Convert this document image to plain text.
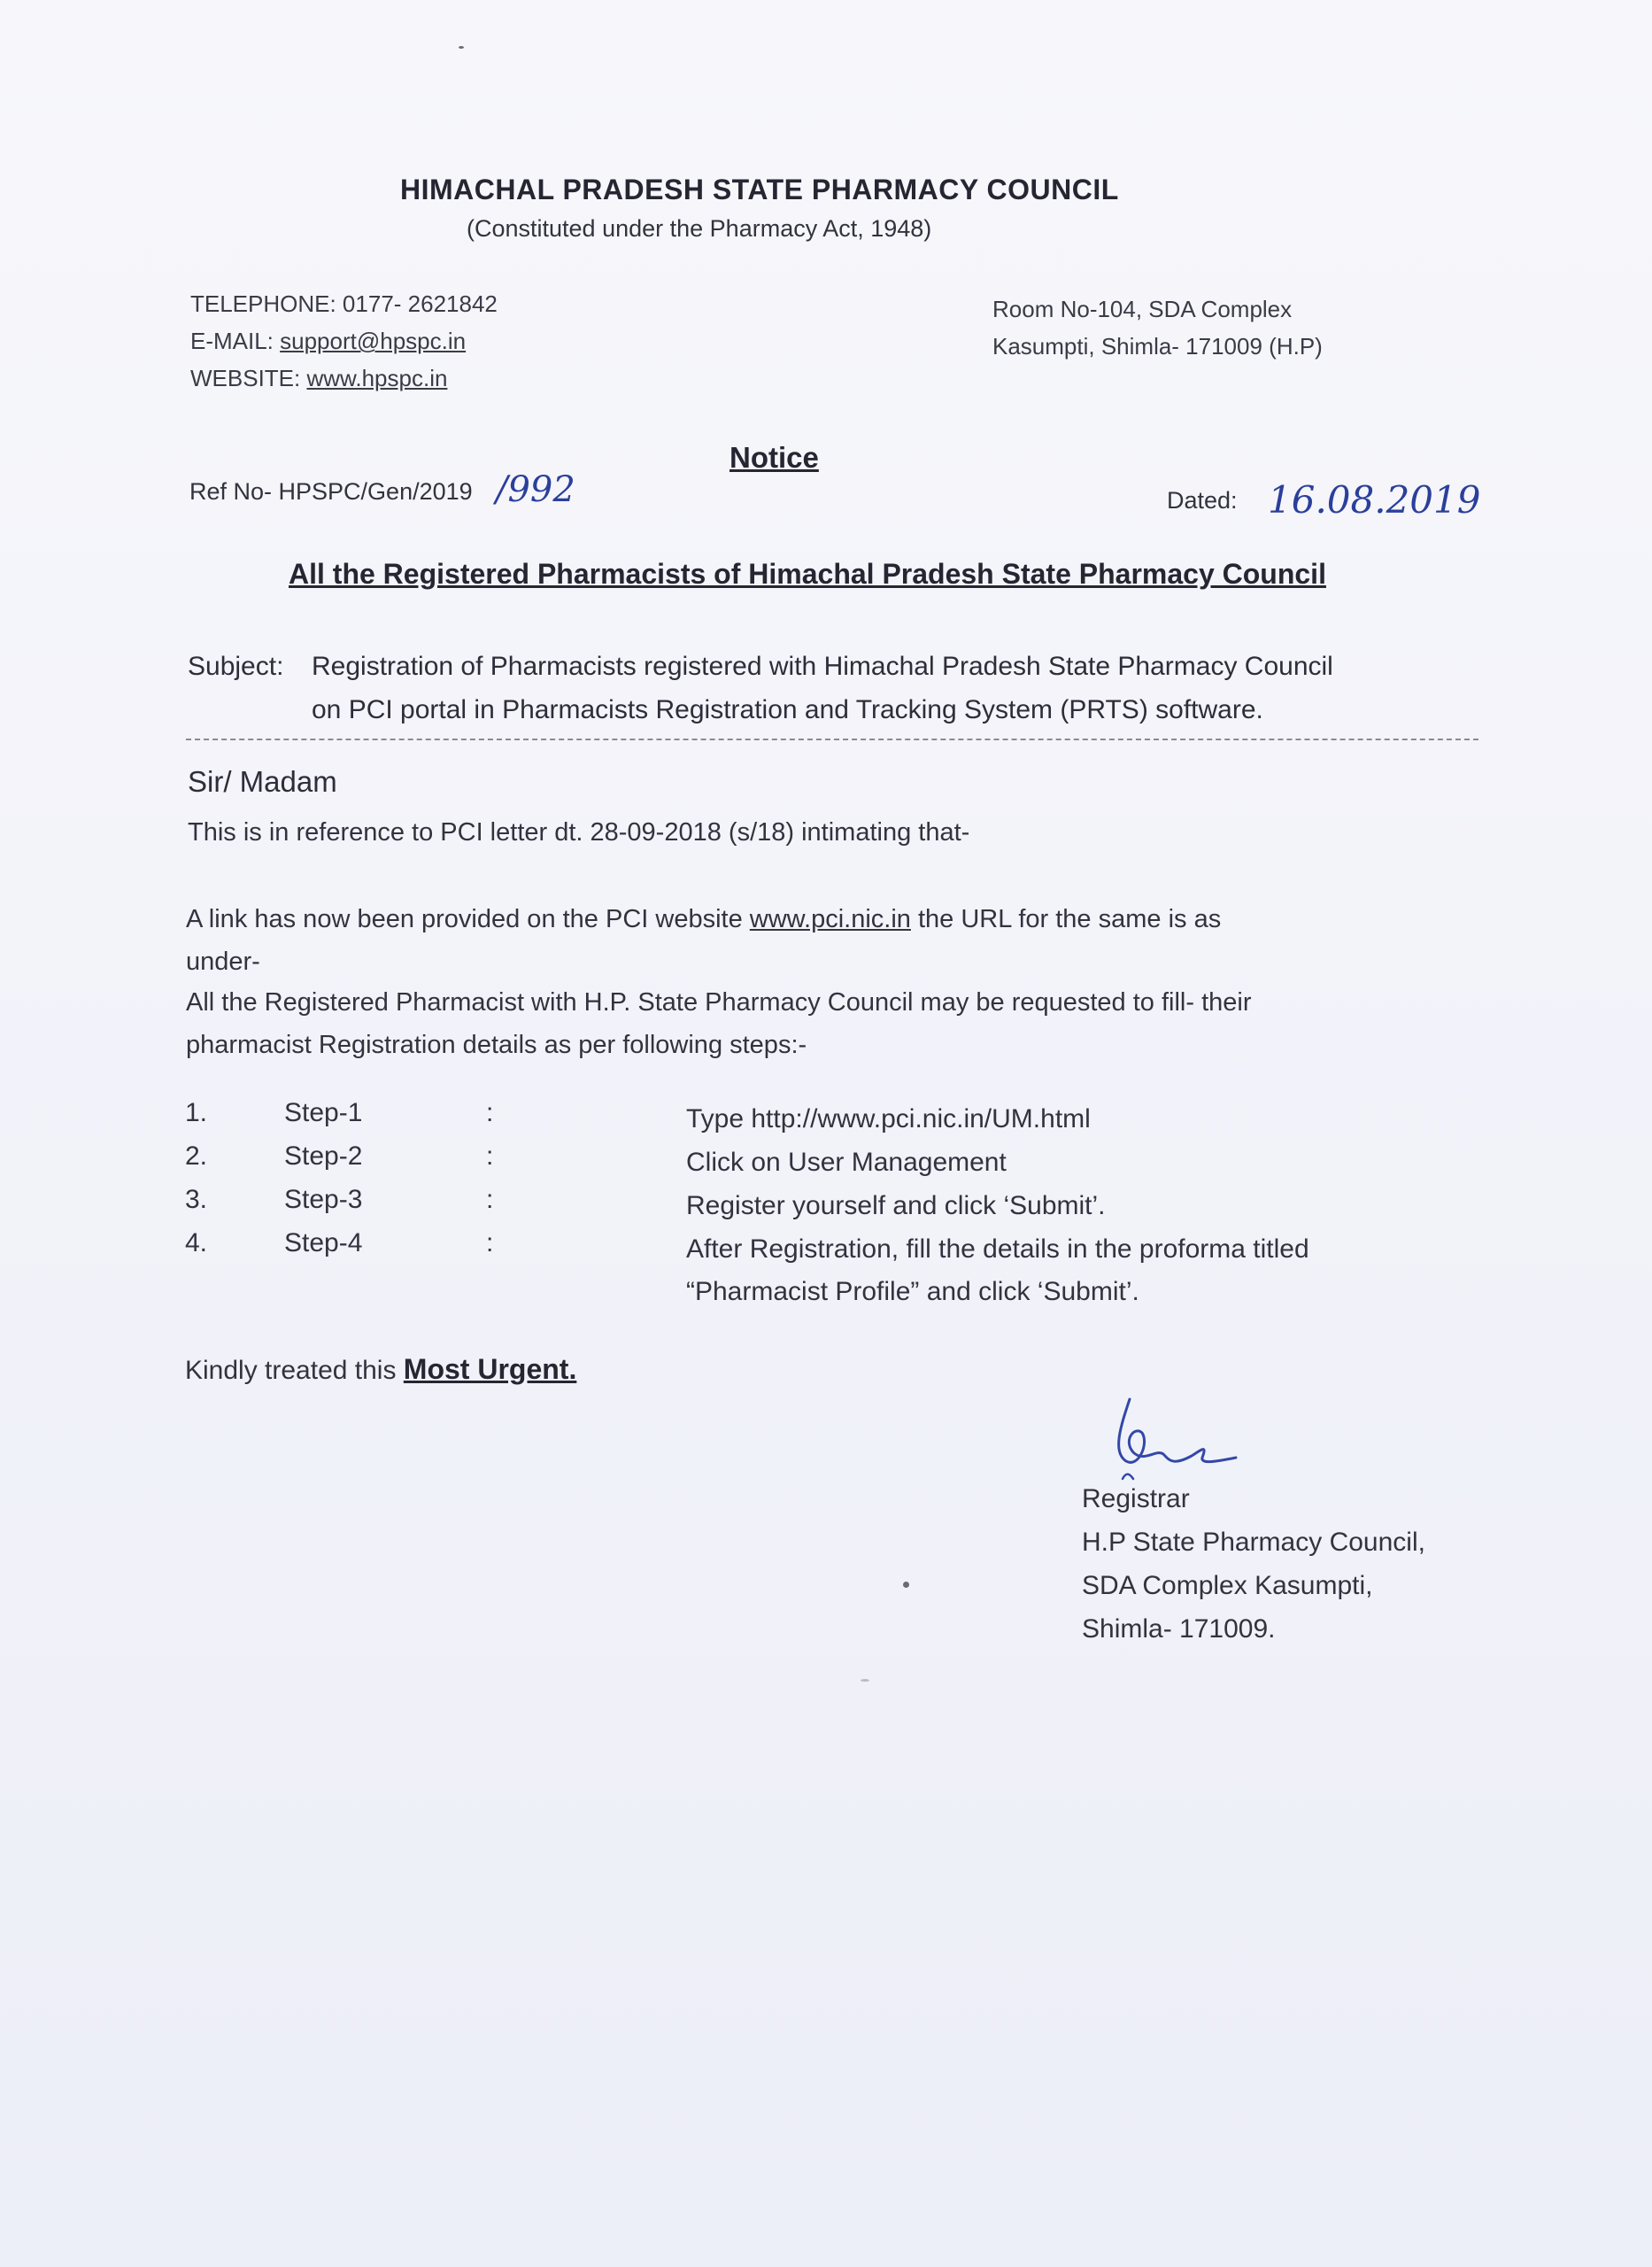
HIMACHAL PRADESH STATE PHARMACY COUNCIL
(Constituted under the Pharmacy Act, 1948)
TELEPHONE: 0177- 2621842
E-MAIL: support@hpspc.in
WEBSITE: www.hpspc.in
Room No-104, SDA Complex
Kasumpti, Shimla- 171009 (H.P)
Notice
Ref No- HPSPC/Gen/2019 /992	Dated: 16.08.2019
All the Registered Pharmacists of Himachal Pradesh State Pharmacy Council
Subject: Registration of Pharmacists registered with Himachal Pradesh State Pharmacy Council
on PCI portal in Pharmacists Registration and Tracking System (PRTS) software.
Sir/ Madam
This is in reference to PCI letter dt. 28-09-2018 (s/18) intimating that-
A link has now been provided on the PCI website www.pci.nic.in the URL for the same is as
under-
All the Registered Pharmacist with H.P. State Pharmacy Council may be requested to fill- their
pharmacist Registration details as per following steps:-
1.	Step-1	:	Type http://www.pci.nic.in/UM.html
2.	Step-2	:	Click on User Management
3.	Step-3	:	Register yourself and click ‘Submit’.
4.	Step-4	:	After Registration, fill the details in the proforma titled
“Pharmacist Profile” and click ‘Submit’.
Kindly treated this Most Urgent.
Registrar
H.P State Pharmacy Council,
SDA Complex Kasumpti,
Shimla- 171009.
